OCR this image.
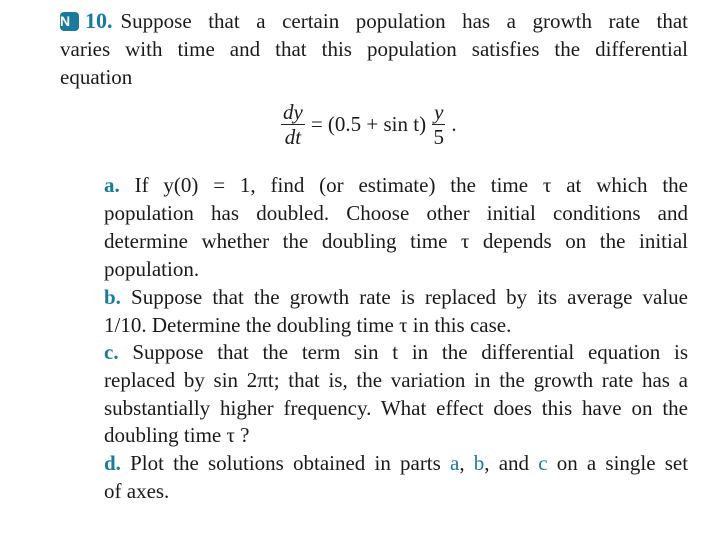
N 10. Suppose that a certain population has a growth rate that
varies with time and that this population satisfies the differential
equation
$\frac{dy}{dt} = (0.5 + \sin t) \frac{y}{5}$ .
a. If y(0) = 1, find (or estimate) the time τ at which the
population has doubled. Choose other initial conditions and
determine whether the doubling time τ depends on the initial
population.
b. Suppose that the growth rate is replaced by its average value
1/10. Determine the doubling time τ in this case.
c. Suppose that the term sin t in the differential equation is
replaced by sin 2πt; that is, the variation in the growth rate has a
substantially higher frequency. What effect does this have on the
doubling time τ ?
d. Plot the solutions obtained in parts a, b, and c on a single set
of axes.
